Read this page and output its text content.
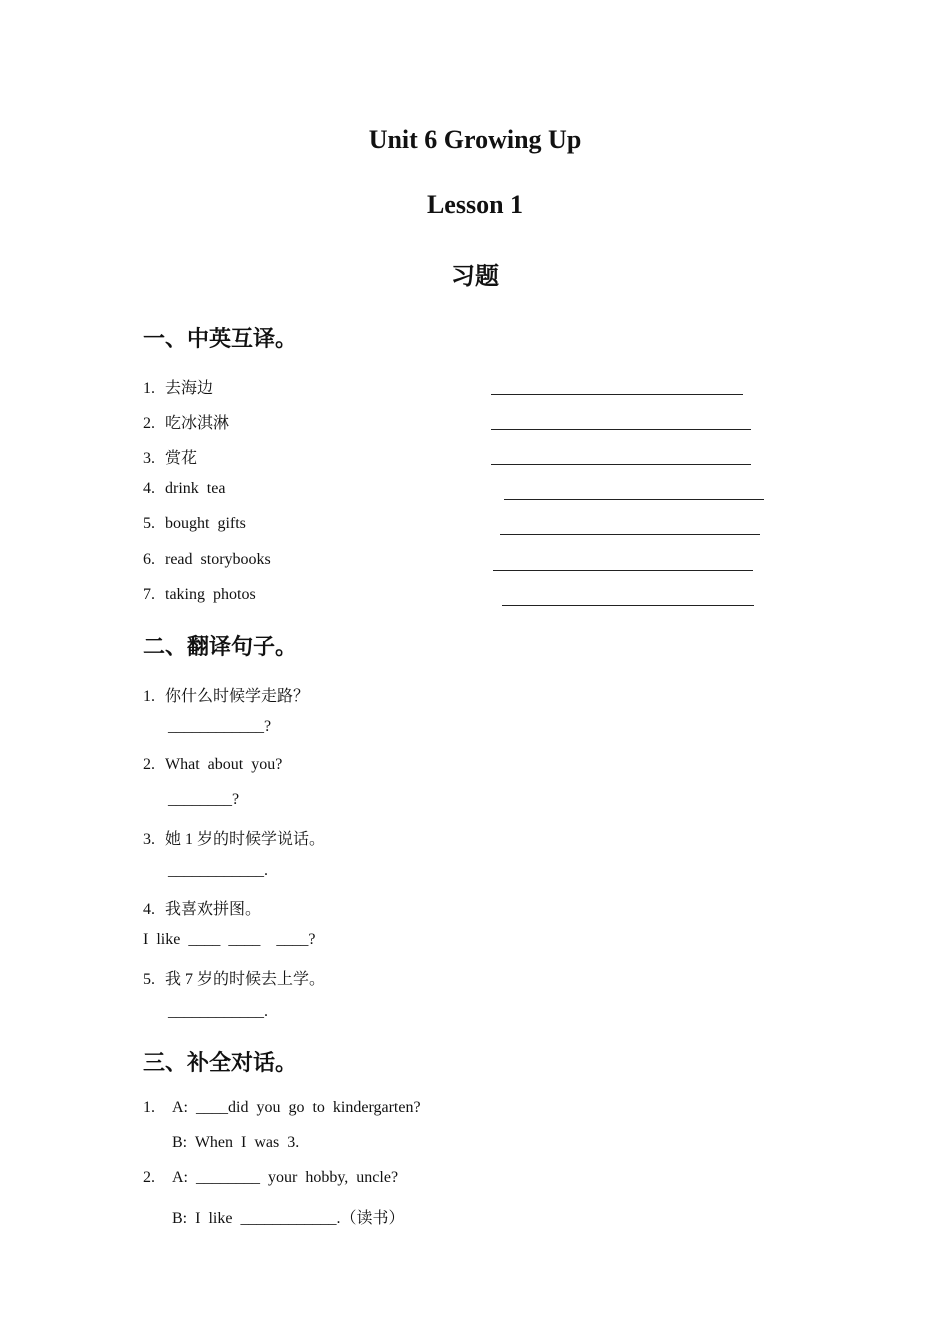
Unit 6 Growing Up
Lesson 1
习题
一、中英互译。
1. 去海边
2. 吃冰淇淋
3. 赏花
4. drink  tea
5. bought  gifts
6. read  storybooks
7. taking  photos
二、翻译句子。
1. 你什么时候学走路？
____________?
2. What  about  you?
________?
3. 她 1 岁的时候学说话。
____________.
4. 我喜欢拼图。
I  like  ____  ____    ____?
5. 我 7 岁的时候去上学。
____________.
三、补全对话。
1. A:  ____did  you  go  to  kindergarten?
B:  When  I  was  3.
2. A:  ________  your  hobby,  uncle?
B:  I  like  ____________.（读书）
